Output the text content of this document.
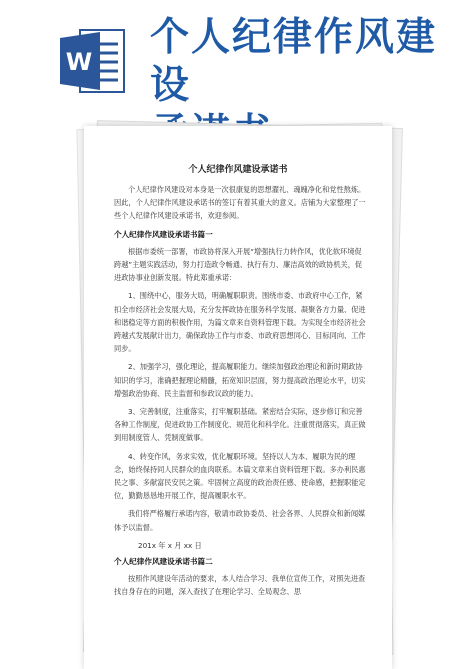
W
个人纪律作风建设
个人纪律作风建设承诺书

个人纪律作风建设对本身是一次很康复的思想濯礼、魂魄净化和党性熬炼。因此，个人纪律作风建设承诺书的签订有着其重大的意义。店铺为大家整理了一些个人纪律作风建设承诺书，欢迎参阅。

个人纪律作风建设承诺书篇一

根据市委统一部署，市政协将深入开展“增强执行力转作风，优化软环境促跨越”主题实践活动，努力打造政令畅通、执行有力、廉洁高效的政协机关，促进政协事业创新发展。特此郑重承诺：

1、围绕中心，服务大局，明确履职职责。围绕市委、市政府中心工作，紧扣全市经济社会发展大局，充分发挥政协在服务科学发展、凝聚各方力量、促进和谐稳定等方面的积极作用，为篇文章来自资料管理下载。为实现全市经济社会跨越式发展献计出力，确保政协工作与市委、市政府思想同心、目标同向、工作同步。

2、加强学习，强化理论，提高履职能力。继续加强政治理论和新时期政协知识的学习，准确把握理论精髓，拓宽知识层面，努力提高政治理论水平，切实增强政治协商、民主监督和参政议政的能力。

3、完善制度，注重落实，打牢履职基础。紧密结合实际，逐步修订和完善各种工作制度，促进政协工作制度化、规范化和科学化。注重贯彻落实，真正做到用制度管人、凭制度做事。

4、转变作风，务求实效，优化履职环境。坚持以人为本、履职为民的理念，始终保持同人民群众的血肉联系。本篇文章来自资料管理下载。多办利民惠民之事、多献富民安民之策。牢固树立高度的政治责任感、使命感，把握职能定位，勤勤恳恳地开展工作，提高履职水平。

我们将严格履行承诺内容，敬请市政协委员、社会各界、人民群众和新闻媒体予以监督。

201x 年 x 月 xx 日
个人纪律作风建设承诺书篇二

按照作风建设年活动的要求，本人结合学习、我单位宣传工作，对照先进查找自身存在的问题，深入查找了在理论学习、全局观念、思
